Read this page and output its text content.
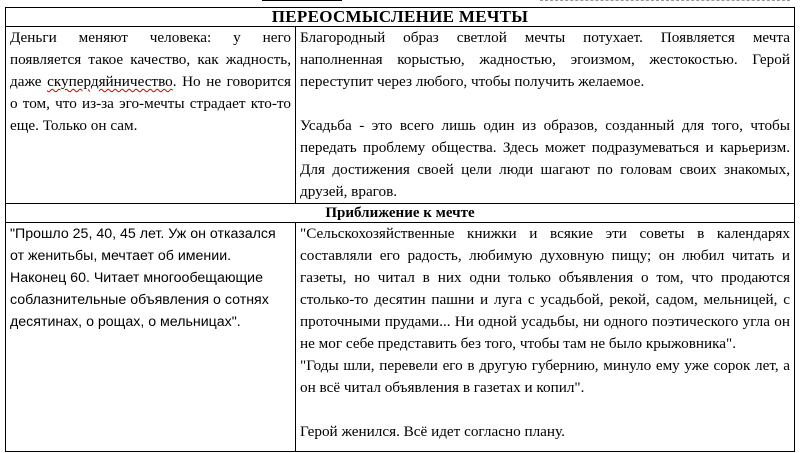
ПЕРЕОСМЫСЛЕНИЕ МЕЧТЫ	

Деньги меняют человека: у него появляется такое качество, как жадность, даже скупердяйничество. Но не говорится о том, что из-за эго-мечты страдает кто-то еще. Только он сам.	Благородный образ светлой мечты потухает. Появляется мечта наполненная корыстью, жадностью, эгоизмом, жестокостью. Герой переступит через любого, чтобы получить желаемое.

Усадьба - это всего лишь один из образов, созданный для того, чтобы передать проблему общества. Здесь может подразумеваться и карьеризм. Для достижения своей цели люди шагают по головам своих знакомых, друзей, врагов.

Приближение к мечте	

"Прошло 25, 40, 45 лет. Уж он отказался от женитьбы, мечтает об имении. Наконец 60. Читает многообещающие соблазнительные объявления о сотнях десятинах, о рощах, о мельницах".	"Сельскохозяйственные книжки и всякие эти советы в календарях составляли его радость, любимую духовную пищу; он любил читать и газеты, но читал в них одни только объявления о том, что продаются столько-то десятин пашни и луга с усадьбой, рекой, садом, мельницей, с проточными прудами... Ни одной усадьбы, ни одного поэтического угла он не мог себе представить без того, чтобы там не было крыжовника".

"Годы шли, перевели его в другую губернию, минуло ему уже сорок лет, а он всё читал объявления в газетах и копил".

Герой женился. Всё идет согласно плану.
